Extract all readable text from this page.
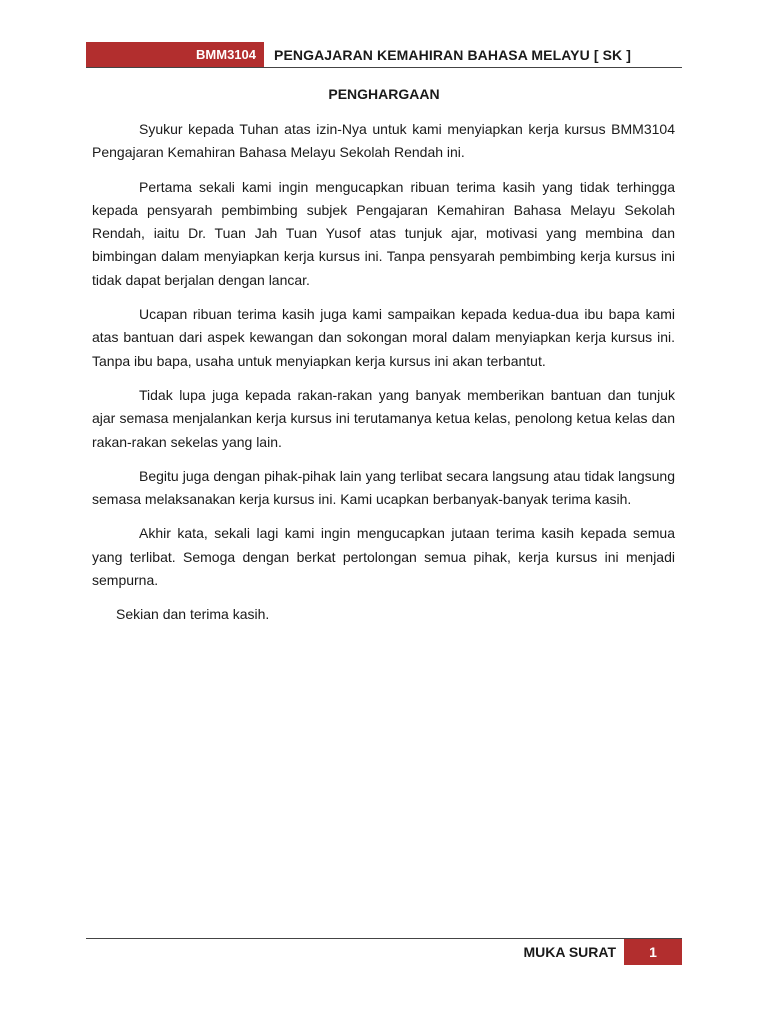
BMM3104	PENGAJARAN KEMAHIRAN BAHASA MELAYU [ SK ]
PENGHARGAAN

Syukur kepada Tuhan atas izin-Nya untuk kami menyiapkan kerja kursus BMM3104 Pengajaran Kemahiran Bahasa Melayu Sekolah Rendah ini.

Pertama sekali kami ingin mengucapkan ribuan terima kasih yang tidak terhingga kepada pensyarah pembimbing subjek Pengajaran Kemahiran Bahasa Melayu Sekolah Rendah, iaitu Dr. Tuan Jah Tuan Yusof atas tunjuk ajar, motivasi yang membina dan bimbingan dalam menyiapkan kerja kursus ini. Tanpa pensyarah pembimbing kerja kursus ini tidak dapat berjalan dengan lancar.

Ucapan ribuan terima kasih juga kami sampaikan kepada kedua-dua ibu bapa kami atas bantuan dari aspek kewangan dan sokongan moral dalam menyiapkan kerja kursus ini. Tanpa ibu bapa, usaha untuk menyiapkan kerja kursus ini akan terbantut.

Tidak lupa juga kepada rakan-rakan yang banyak memberikan bantuan dan tunjuk ajar semasa menjalankan kerja kursus ini terutamanya ketua kelas, penolong ketua kelas dan rakan-rakan sekelas yang lain.

Begitu juga dengan pihak-pihak lain yang terlibat secara langsung atau tidak langsung semasa melaksanakan kerja kursus ini. Kami ucapkan berbanyak-banyak terima kasih.

Akhir kata, sekali lagi kami ingin mengucapkan jutaan terima kasih kepada semua yang terlibat. Semoga dengan berkat pertolongan semua pihak, kerja kursus ini menjadi sempurna.

Sekian dan terima kasih.

MUKA SURAT	1
